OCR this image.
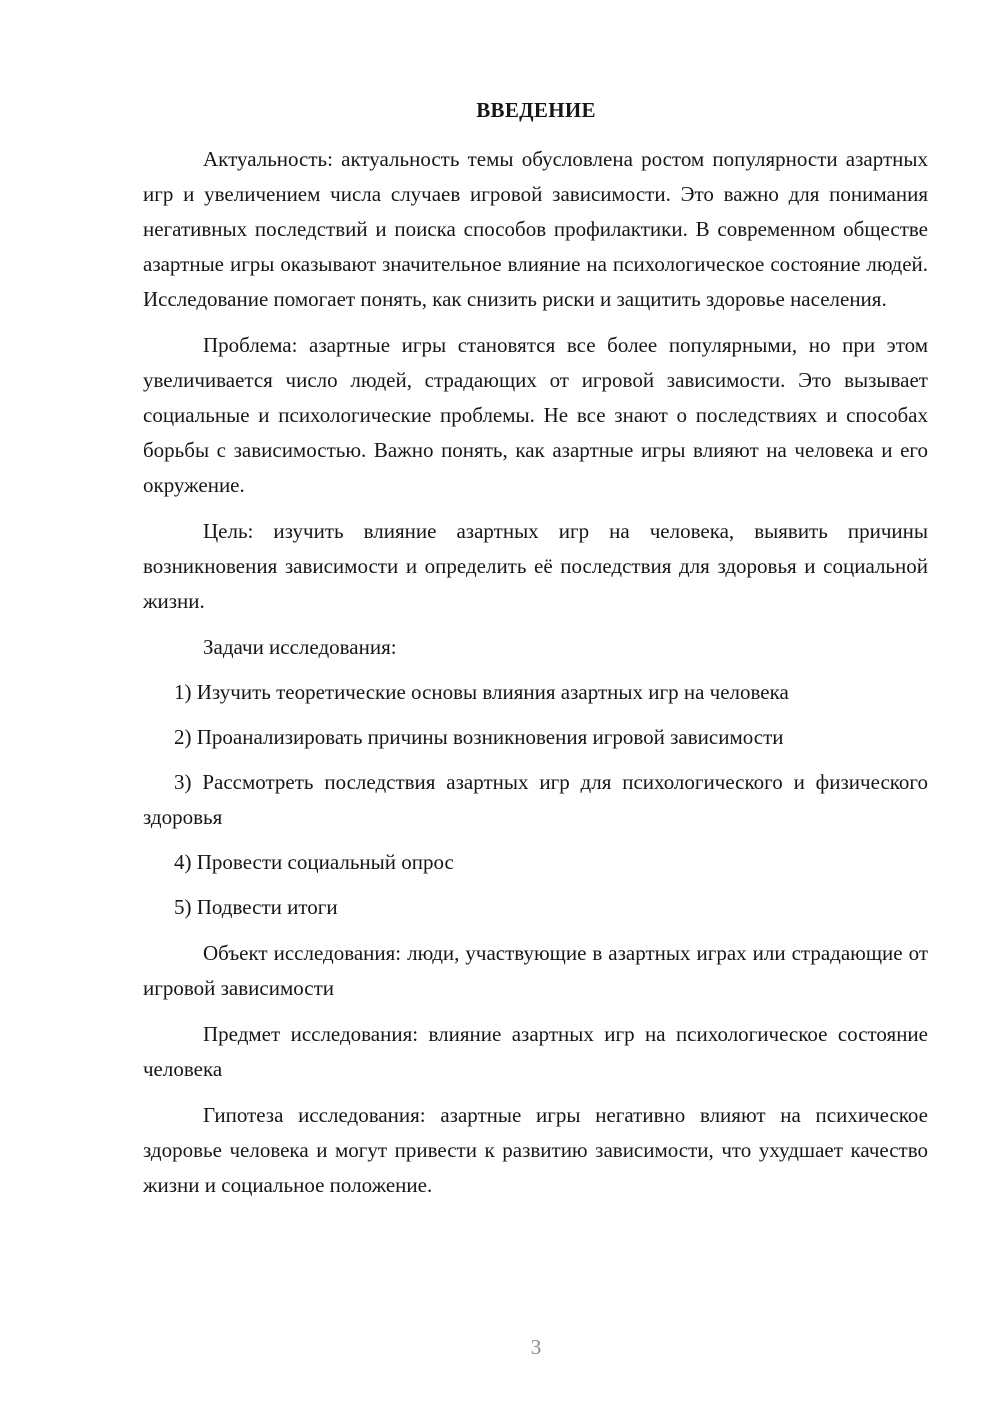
ВВЕДЕНИЕ

Актуальность: актуальность темы обусловлена ростом популярности азартных игр и увеличением числа случаев игровой зависимости. Это важно для понимания негативных последствий и поиска способов профилактики. В современном обществе азартные игры оказывают значительное влияние на психологическое состояние людей. Исследование помогает понять, как снизить риски и защитить здоровье населения.

Проблема: азартные игры становятся все более популярными, но при этом увеличивается число людей, страдающих от игровой зависимости. Это вызывает социальные и психологические проблемы. Не все знают о последствиях и способах борьбы с зависимостью. Важно понять, как азартные игры влияют на человека и его окружение.

Цель: изучить влияние азартных игр на человека, выявить причины возникновения зависимости и определить её последствия для здоровья и социальной жизни.

Задачи исследования:

1) Изучить теоретические основы влияния азартных игр на человека

2) Проанализировать причины возникновения игровой зависимости

3) Рассмотреть последствия азартных игр для психологического и физического здоровья

4) Провести социальный опрос

5) Подвести итоги

Объект исследования: люди, участвующие в азартных играх или страдающие от игровой зависимости

Предмет исследования: влияние азартных игр на психологическое состояние человека

Гипотеза исследования: азартные игры негативно влияют на психическое здоровье человека и могут привести к развитию зависимости, что ухудшает качество жизни и социальное положение.

3
